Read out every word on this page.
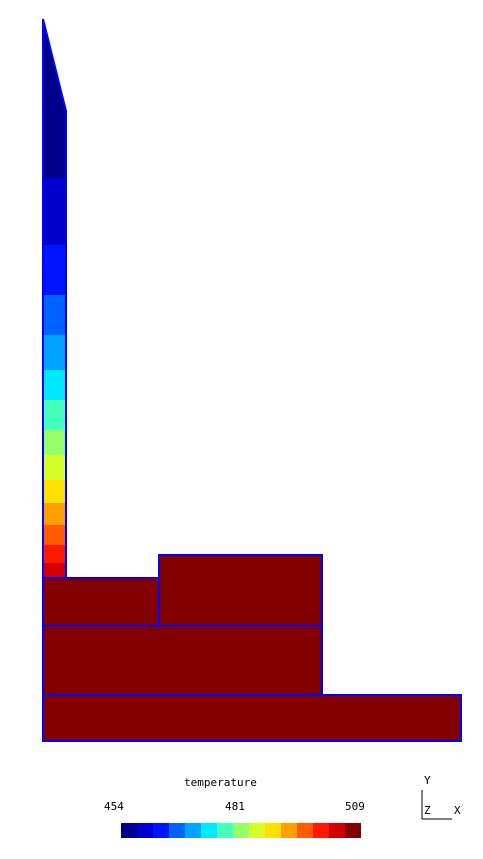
temperature
454	481	509
Y
Z X
